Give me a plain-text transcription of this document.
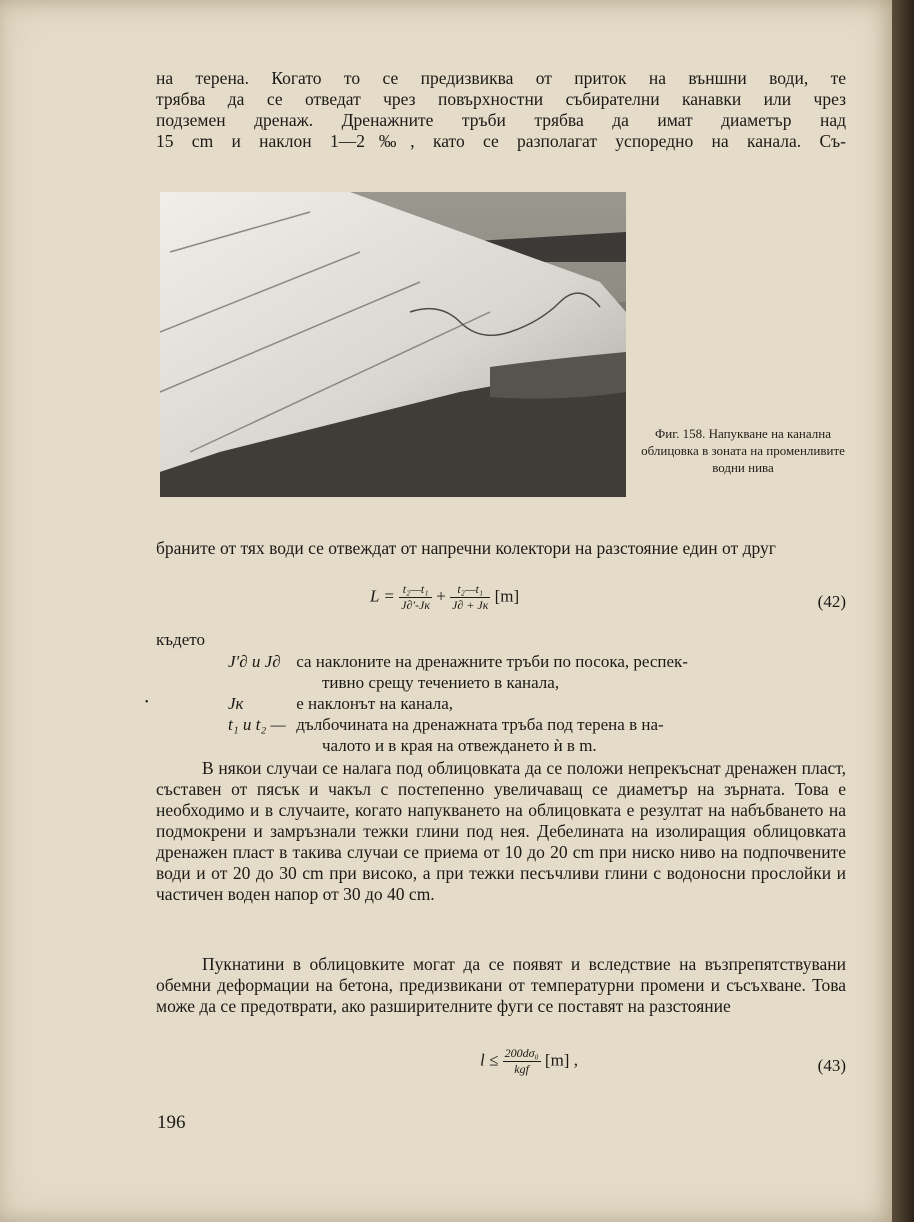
на терена. Когато то се предизвиква от приток на външни води, те
трябва да се отведат чрез повърхностни събирателни канавки или чрез
подземен дренаж. Дренажните тръби трябва да имат диаметър над
15 cm и наклон 1—2‰, като се разполагат успоредно на канала. Съ-
Фиг. 158. Напукване на канална облицовка в зоната на променливите водни нива
браните от тях води се отвеждат от напречни колектори на разстояние един от друг
$L = \frac{\text{t₂—t₁}}{J\partial'-Jк} + \frac{\text{t₂—t₁}}{J\partial + Jк} [m]$	(42)
където
•
J′∂ и J∂ са наклоните на дренажните тръби по посока, респек-
тивно срещу течението в канала,
Jк	е наклонът на канала,
t₁ и t₂ — дълбочината на дренажната тръба под терена в на-
чалото и в края на отвеждането ѝ в m.
В някои случаи се налага под облицовката да се положи непрекъснат дренажен пласт, съставен от пясък и чакъл с постепенно увеличаващ се диаметър на зърната. Това е необходимо и в случаите, когато напукването на облицовката е резултат на набъбването на подмокрени и замръзнали тежки глини под нея. Дебелината на изолиращия облицовката дренажен пласт в такива случаи се приема от 10 до 20 cm при ниско ниво на подпочвените води и от 20 до 30 cm при високо, а при тежки песъчливи глини с водоносни прослойки и частичен воден напор от 30 до 40 cm.
Пукнатини в облицовките могат да се появят и вследствие на възпрепятствувани обемни деформации на бетона, предизвикани от температурни промени и съсъхване. Това може да се предотврати, ако разширителните фуги се поставят на разстояние
$l \le \frac{\text{200dσ₀}}{\text{kgf}} [m]$ ,	(43)
196
